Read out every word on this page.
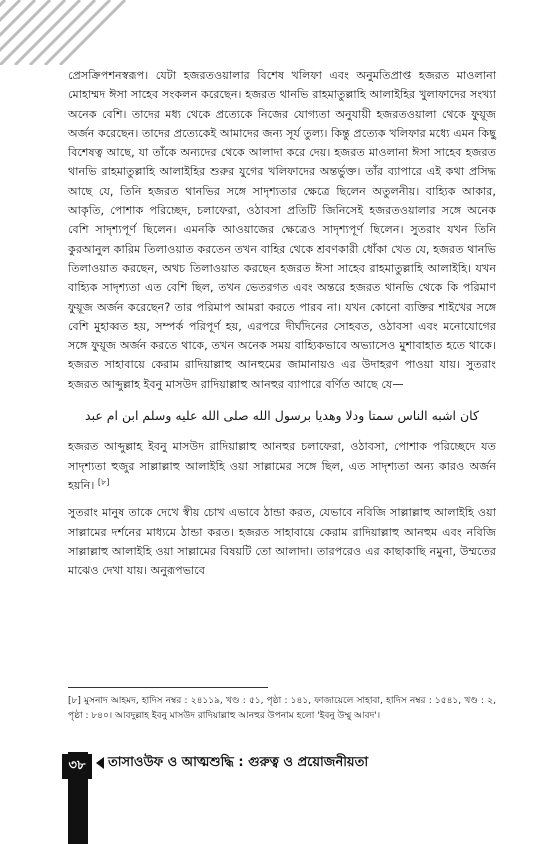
প্রেসক্রিপশনস্বরূপ। যেটা হজরতওয়ালার বিশেষ খলিফা এবং অনুমতিপ্রাপ্ত হজরত মাওলানা মোহাম্মদ ঈসা সাহেব সংকলন করেছেন। হজরত থানভি রাহমাতুল্লাহি আলাইহির খুলাফাদের সংখ্যা অনেক বেশি। তাদের মধ্য থেকে প্রত্যেকে নিজের যোগ্যতা অনুযায়ী হজরতওয়ালা থেকে ফুয়ূজ অর্জন করেছেন। তাদের প্রত্যেকেই আমাদের জন্য সূর্য তুল্য। কিন্তু প্রত্যেক খলিফার মধ্যে এমন কিছু বিশেষত্ব আছে, যা তাঁকে অন্যদের থেকে আলাদা করে দেয়। হজরত মাওলানা ঈসা সাহেব হজরত থানভি রাহমাতুল্লাহি আলাইহির শুরুর যুগের খলিফাদের অন্তর্ভুক্ত। তাঁর ব্যাপারে এই কথা প্রসিদ্ধ আছে যে, তিনি হজরত থানভির সঙ্গে সাদৃশ্যতার ক্ষেত্রে ছিলেন অতুলনীয়। বাহ্যিক আকার, আকৃতি, পোশাক পরিচ্ছেদ, চলাফেরা, ওঠাবসা প্রতিটি জিনিসেই হজরতওয়ালার সঙ্গে অনেক বেশি সাদৃশ্যপূর্ণ ছিলেন। এমনকি আওয়াজের ক্ষেত্রেও সাদৃশ্যপূর্ণ ছিলেন। সুতরাং যখন তিনি কুরআনুল কারিম তিলাওয়াত করতেন তখন বাহির থেকে শ্রবণকারী ধোঁকা খেত যে, হজরত থানভি তিলাওয়াত করছেন, অথচ তিলাওয়াত করছেন হজরত ঈসা সাহেব রাহমাতুল্লাহি আলাইহি। যখন বাহ্যিক সাদৃশ্যতা এত বেশি ছিল, তখন ভেতরগত এবং অন্তরে হজরত থানভি থেকে কি পরিমাণ ফুয়ূজ অর্জন করেছেন? তার পরিমাপ আমরা করতে পারব না। যখন কোনো ব্যক্তির শাইখের সঙ্গে বেশি মুহাব্বত হয়, সম্পর্ক পরিপূর্ণ হয়, এরপরে দীর্ঘদিনের সোহবত, ওঠাবসা এবং মনোযোগের সঙ্গে ফুয়ূজ অর্জন করতে থাকে, তখন অনেক সময় বাহ্যিকভাবে অভ্যাসেও মুশাবাহাত হতে থাকে। হজরত সাহাবায়ে কেরাম রাদিয়াল্লাহু আনহুমের জামানায়ও এর উদাহরণ পাওয়া যায়। সুতরাং হজরত আব্দুল্লাহ ইবনু মাসউদ রাদিয়াল্লাহু আনহুর ব্যাপারে বর্ণিত আছে যে—

كان اشبه الناس سمتا ودلا وهديا برسول الله صلى الله عليه وسلم ابن ام عبد

হজরত আব্দুল্লাহ ইবনু মাসউদ রাদিয়াল্লাহু আনহুর চলাফেরা, ওঠাবসা, পোশাক পরিচ্ছেদে যত সাদৃশ্যতা হুজুর সাল্লাল্লাহু আলাইহি ওয়া সাল্লামের সঙ্গে ছিল, এত সাদৃশ্যতা অন্য কারও অর্জন হয়নি। [৮]

সুতরাং মানুষ তাকে দেখে স্বীয় চোখ এভাবে ঠান্ডা করত, যেভাবে নবিজি সাল্লাল্লাহু আলাইহি ওয়া সাল্লামের দর্শনের মাধ্যমে ঠান্ডা করত। হজরত সাহাবায়ে কেরাম রাদিয়াল্লাহু আনহুম এবং নবিজি সাল্লাল্লাহু আলাইহি ওয়া সাল্লামের বিষয়টি তো আলাদা। তারপরেও এর কাছাকাছি নমুনা, উম্মতের মাঝেও দেখা যায়। অনুরূপভাবে

[৮] মুসনাদ আহমদ, হাদিস নম্বর : ২৪১১৯, খণ্ড : ৫১, পৃষ্ঠা : ১৪১, ফাজায়েলে সাহাবা, হাদিস নম্বর : ১৫৪১, খণ্ড : ২, পৃষ্ঠা : ৮৪০। আবদুল্লাহ ইবনু মাসউদ রাদিয়াল্লাহু আনহুর উপনাম হলো 'ইবনু উম্মু আবদ'।
৩৮	তাসাওউফ ও আত্মশুদ্ধি : গুরুত্ব ও প্রয়োজনীয়তা
